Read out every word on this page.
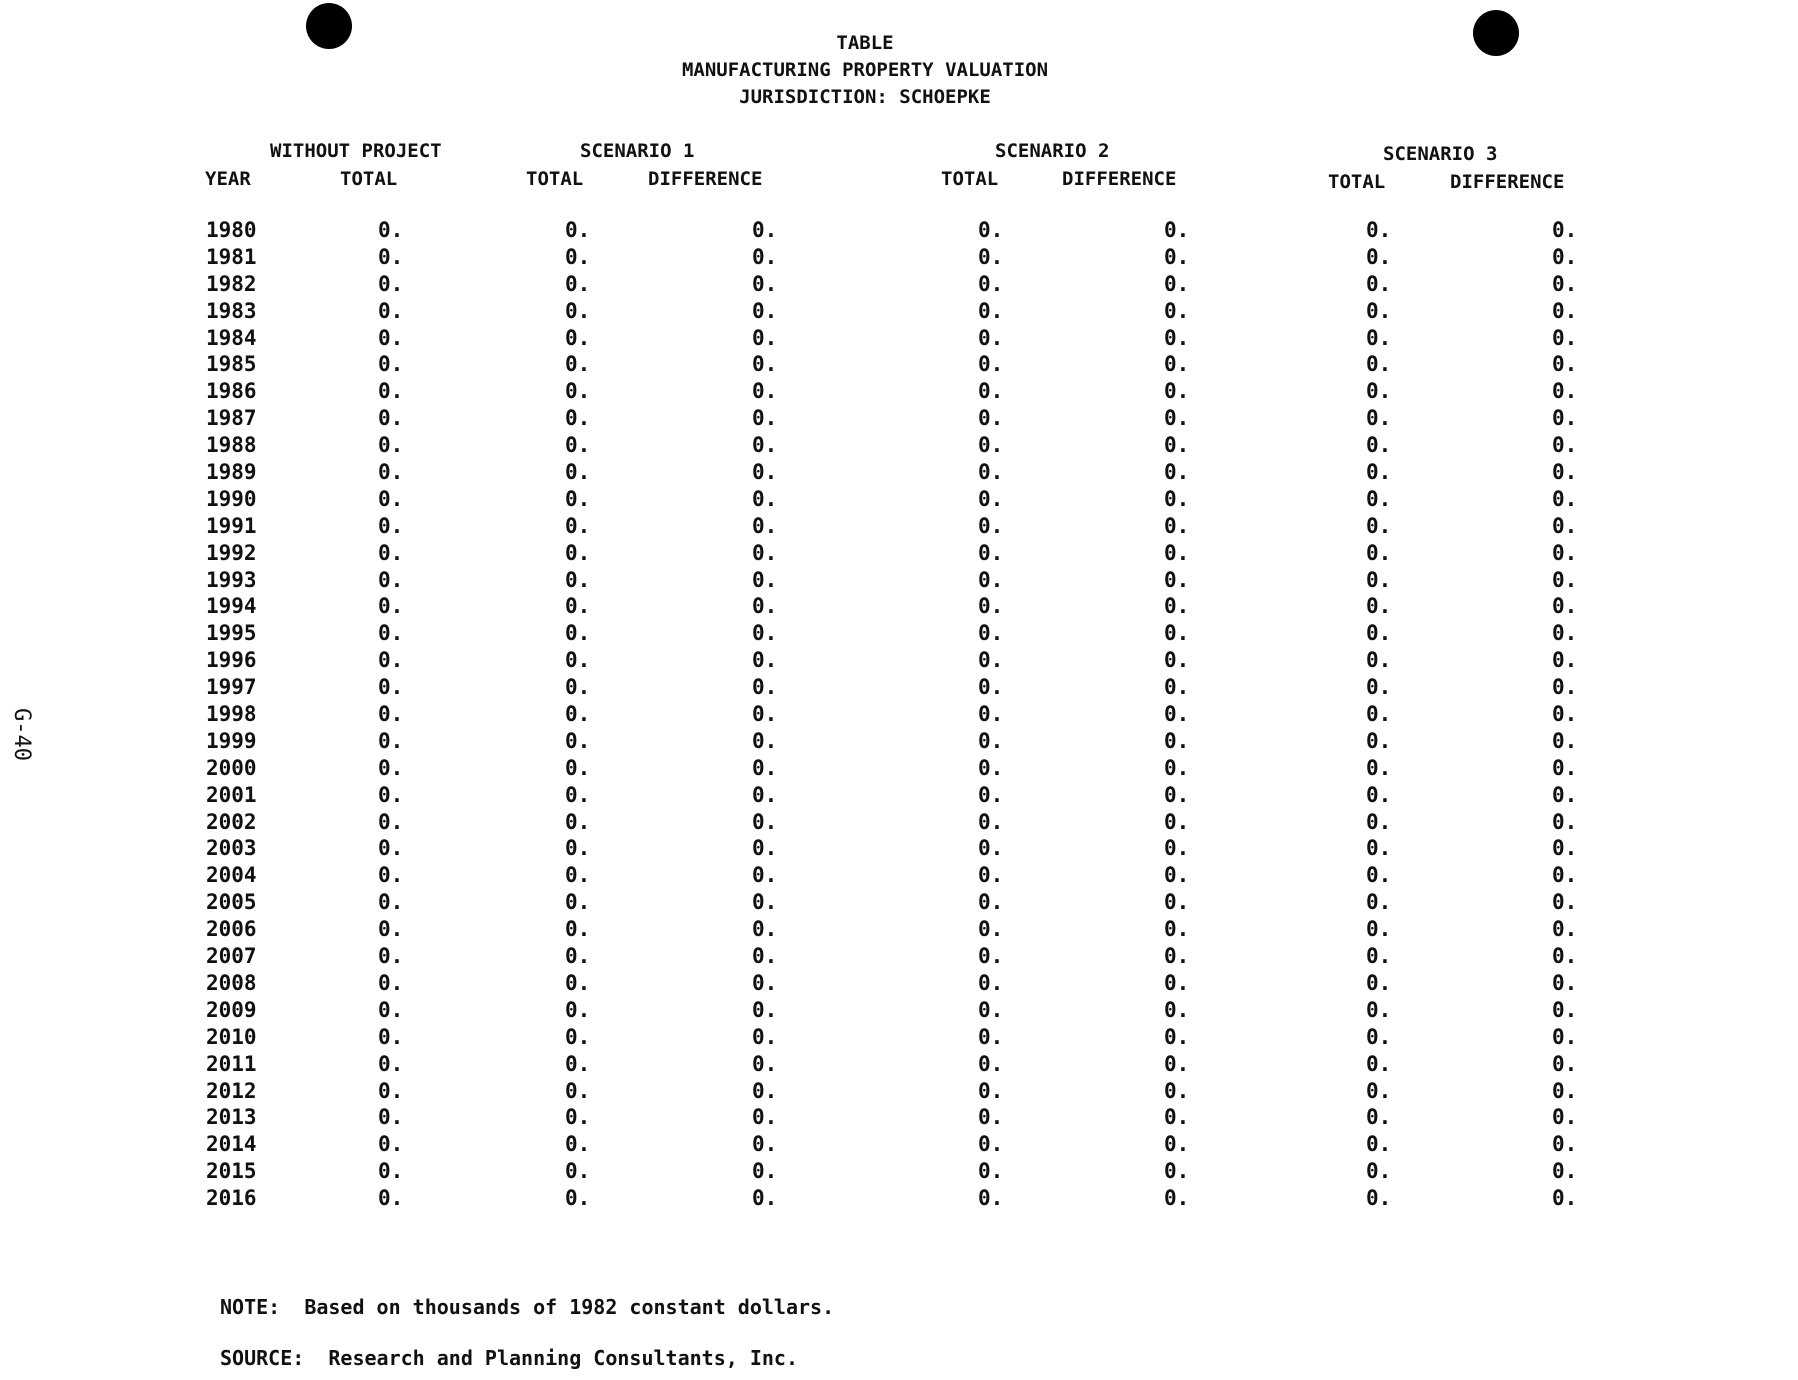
TABLE
MANUFACTURING PROPERTY VALUATION
JURISDICTION: SCHOEPKE
WITHOUT PROJECT	SCENARIO 1	SCENARIO 2	SCENARIO 3
YEAR	TOTAL	TOTAL	DIFFERENCE	TOTAL	DIFFERENCE	TOTAL	DIFFERENCE
G-40
1980	0.	0.	0.	0.	0.	0.	0.
1981	0.	0.	0.	0.	0.	0.	0.
1982	0.	0.	0.	0.	0.	0.	0.
1983	0.	0.	0.	0.	0.	0.	0.
1984	0.	0.	0.	0.	0.	0.	0.
1985	0.	0.	0.	0.	0.	0.	0.
1986	0.	0.	0.	0.	0.	0.	0.
1987	0.	0.	0.	0.	0.	0.	0.
1988	0.	0.	0.	0.	0.	0.	0.
1989	0.	0.	0.	0.	0.	0.	0.
1990	0.	0.	0.	0.	0.	0.	0.
1991	0.	0.	0.	0.	0.	0.	0.
1992	0.	0.	0.	0.	0.	0.	0.
1993	0.	0.	0.	0.	0.	0.	0.
1994	0.	0.	0.	0.	0.	0.	0.
1995	0.	0.	0.	0.	0.	0.	0.
1996	0.	0.	0.	0.	0.	0.	0.
1997	0.	0.	0.	0.	0.	0.	0.
1998	0.	0.	0.	0.	0.	0.	0.
1999	0.	0.	0.	0.	0.	0.	0.
2000	0.	0.	0.	0.	0.	0.	0.
2001	0.	0.	0.	0.	0.	0.	0.
2002	0.	0.	0.	0.	0.	0.	0.
2003	0.	0.	0.	0.	0.	0.	0.
2004	0.	0.	0.	0.	0.	0.	0.
2005	0.	0.	0.	0.	0.	0.	0.
2006	0.	0.	0.	0.	0.	0.	0.
2007	0.	0.	0.	0.	0.	0.	0.
2008	0.	0.	0.	0.	0.	0.	0.
2009	0.	0.	0.	0.	0.	0.	0.
2010	0.	0.	0.	0.	0.	0.	0.
2011	0.	0.	0.	0.	0.	0.	0.
2012	0.	0.	0.	0.	0.	0.	0.
2013	0.	0.	0.	0.	0.	0.	0.
2014	0.	0.	0.	0.	0.	0.	0.
2015	0.	0.	0.	0.	0.	0.	0.
2016	0.	0.	0.	0.	0.	0.	0.
NOTE: Based on thousands of 1982 constant dollars.
SOURCE: Research and Planning Consultants, Inc.
